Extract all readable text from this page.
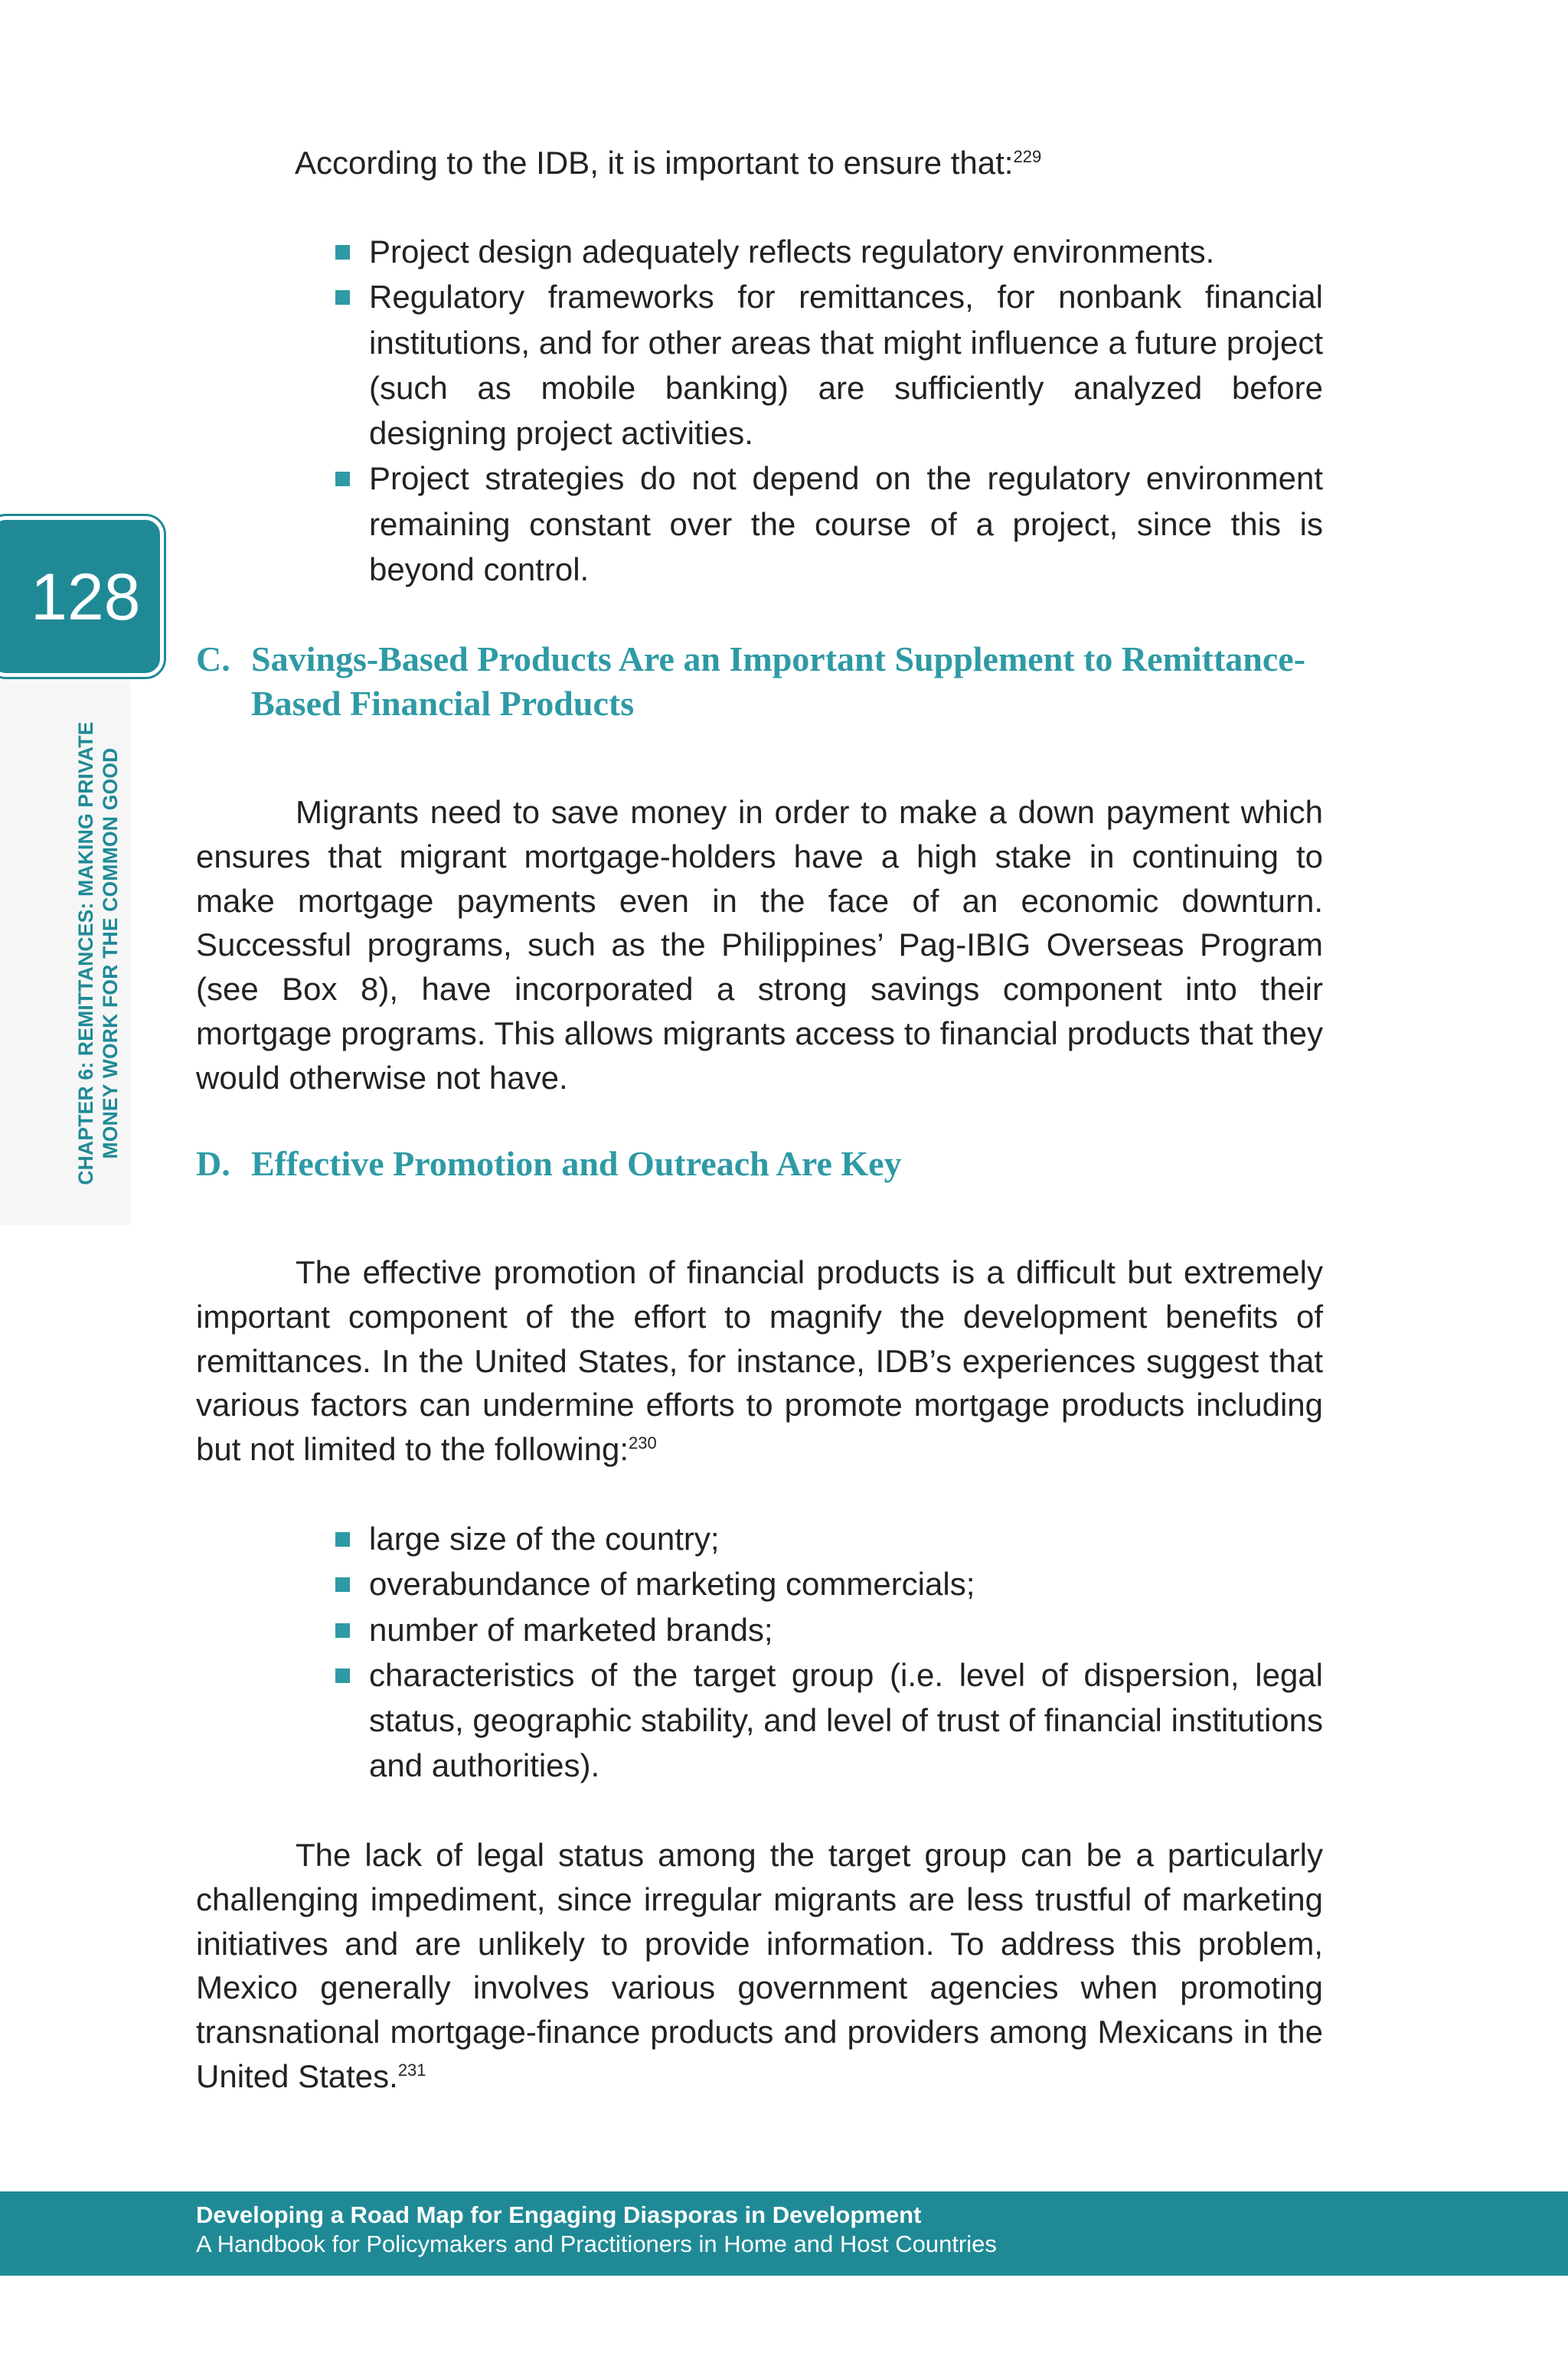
128
CHAPTER 6: REMITTANCES: MAKING PRIVATE MONEY WORK FOR THE COMMON GOOD

According to the IDB, it is important to ensure that:$^{229}$

Project design adequately reflects regulatory environments.
Regulatory frameworks for remittances, for nonbank financial institutions, and for other areas that might influence a future project (such as mobile banking) are sufficiently analyzed before designing project activities.
Project strategies do not depend on the regulatory environment remaining constant over the course of a project, since this is beyond control.
C. Savings-Based Products Are an Important Supplement to Remittance-Based Financial Products

Migrants need to save money in order to make a down payment which ensures that migrant mortgage-holders have a high stake in continuing to make mortgage payments even in the face of an economic downturn. Successful programs, such as the Philippines’ Pag-IBIG Overseas Program (see Box 8), have incorporated a strong savings component into their mortgage programs. This allows migrants access to financial products that they would otherwise not have.

D. Effective Promotion and Outreach Are Key

The effective promotion of financial products is a difficult but extremely important component of the effort to magnify the development benefits of remittances. In the United States, for instance, IDB’s experiences suggest that various factors can undermine efforts to promote mortgage products including but not limited to the following:$^{230}$

large size of the country;
overabundance of marketing commercials;
number of marketed brands;
characteristics of the target group (i.e. level of dispersion, legal status, geographic stability, and level of trust of financial institutions and authorities).

The lack of legal status among the target group can be a particularly challenging impediment, since irregular migrants are less trustful of marketing initiatives and are unlikely to provide information. To address this problem, Mexico generally involves various government agencies when promoting transnational mortgage-finance products and providers among Mexicans in the United States.$^{231}$

Developing a Road Map for Engaging Diasporas in Development
A Handbook for Policymakers and Practitioners in Home and Host Countries
